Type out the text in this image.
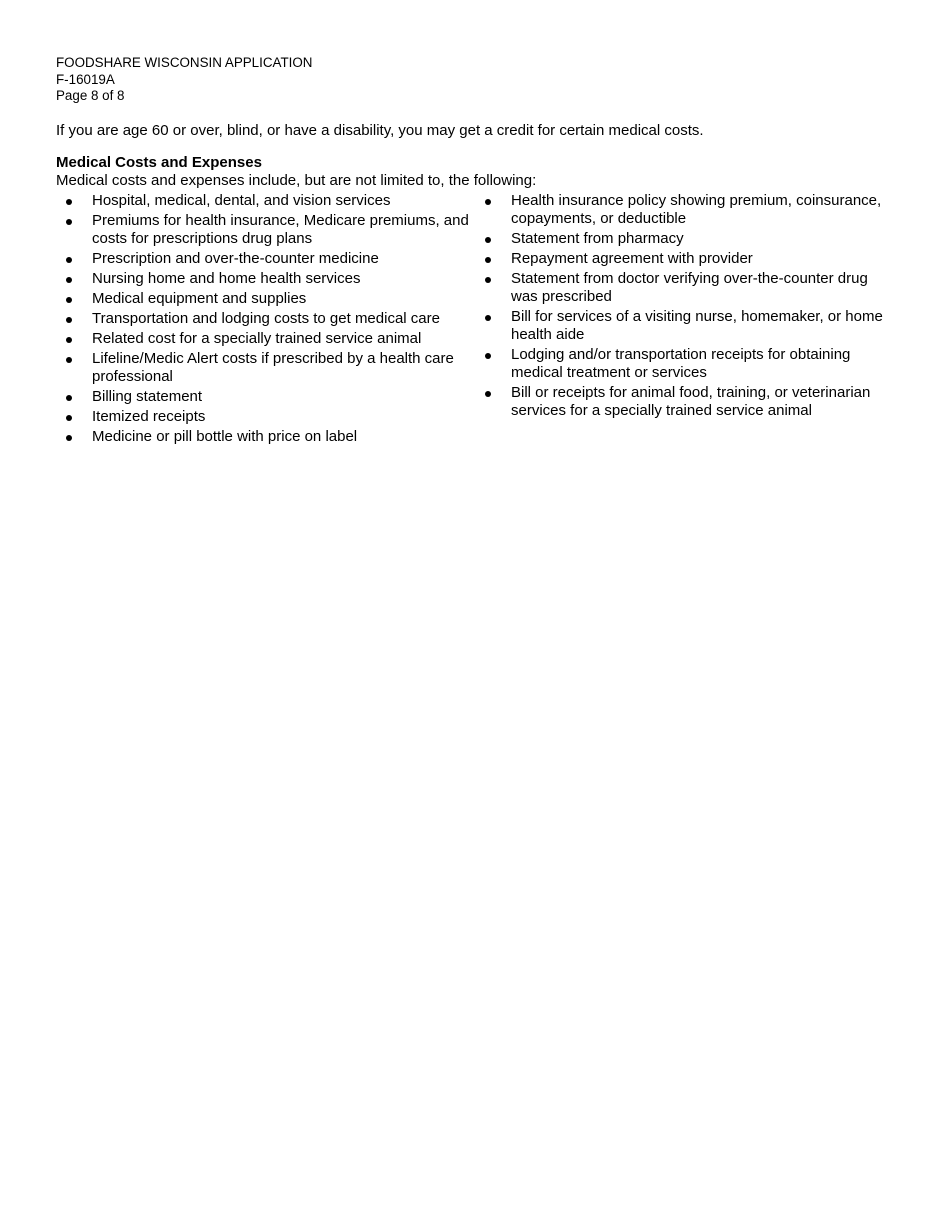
FOODSHARE WISCONSIN APPLICATION

F-16019A

Page 8 of 8

If you are age 60 or over, blind, or have a disability, you may get a credit for certain medical costs.

Medical Costs and Expenses

Medical costs and expenses include, but are not limited to, the following:

Hospital, medical, dental, and vision services
Premiums for health insurance, Medicare premiums, and costs for prescriptions drug plans
Prescription and over-the-counter medicine
Nursing home and home health services
Medical equipment and supplies
Transportation and lodging costs to get medical care
Related cost for a specially trained service animal
Lifeline/Medic Alert costs if prescribed by a health care professional
Billing statement
Itemized receipts
Medicine or pill bottle with price on label
Health insurance policy showing premium, coinsurance, copayments, or deductible
Statement from pharmacy
Repayment agreement with provider
Statement from doctor verifying over-the-counter drug was prescribed
Bill for services of a visiting nurse, homemaker, or home health aide
Lodging and/or transportation receipts for obtaining medical treatment or services
Bill or receipts for animal food, training, or veterinarian services for a specially trained service animal
